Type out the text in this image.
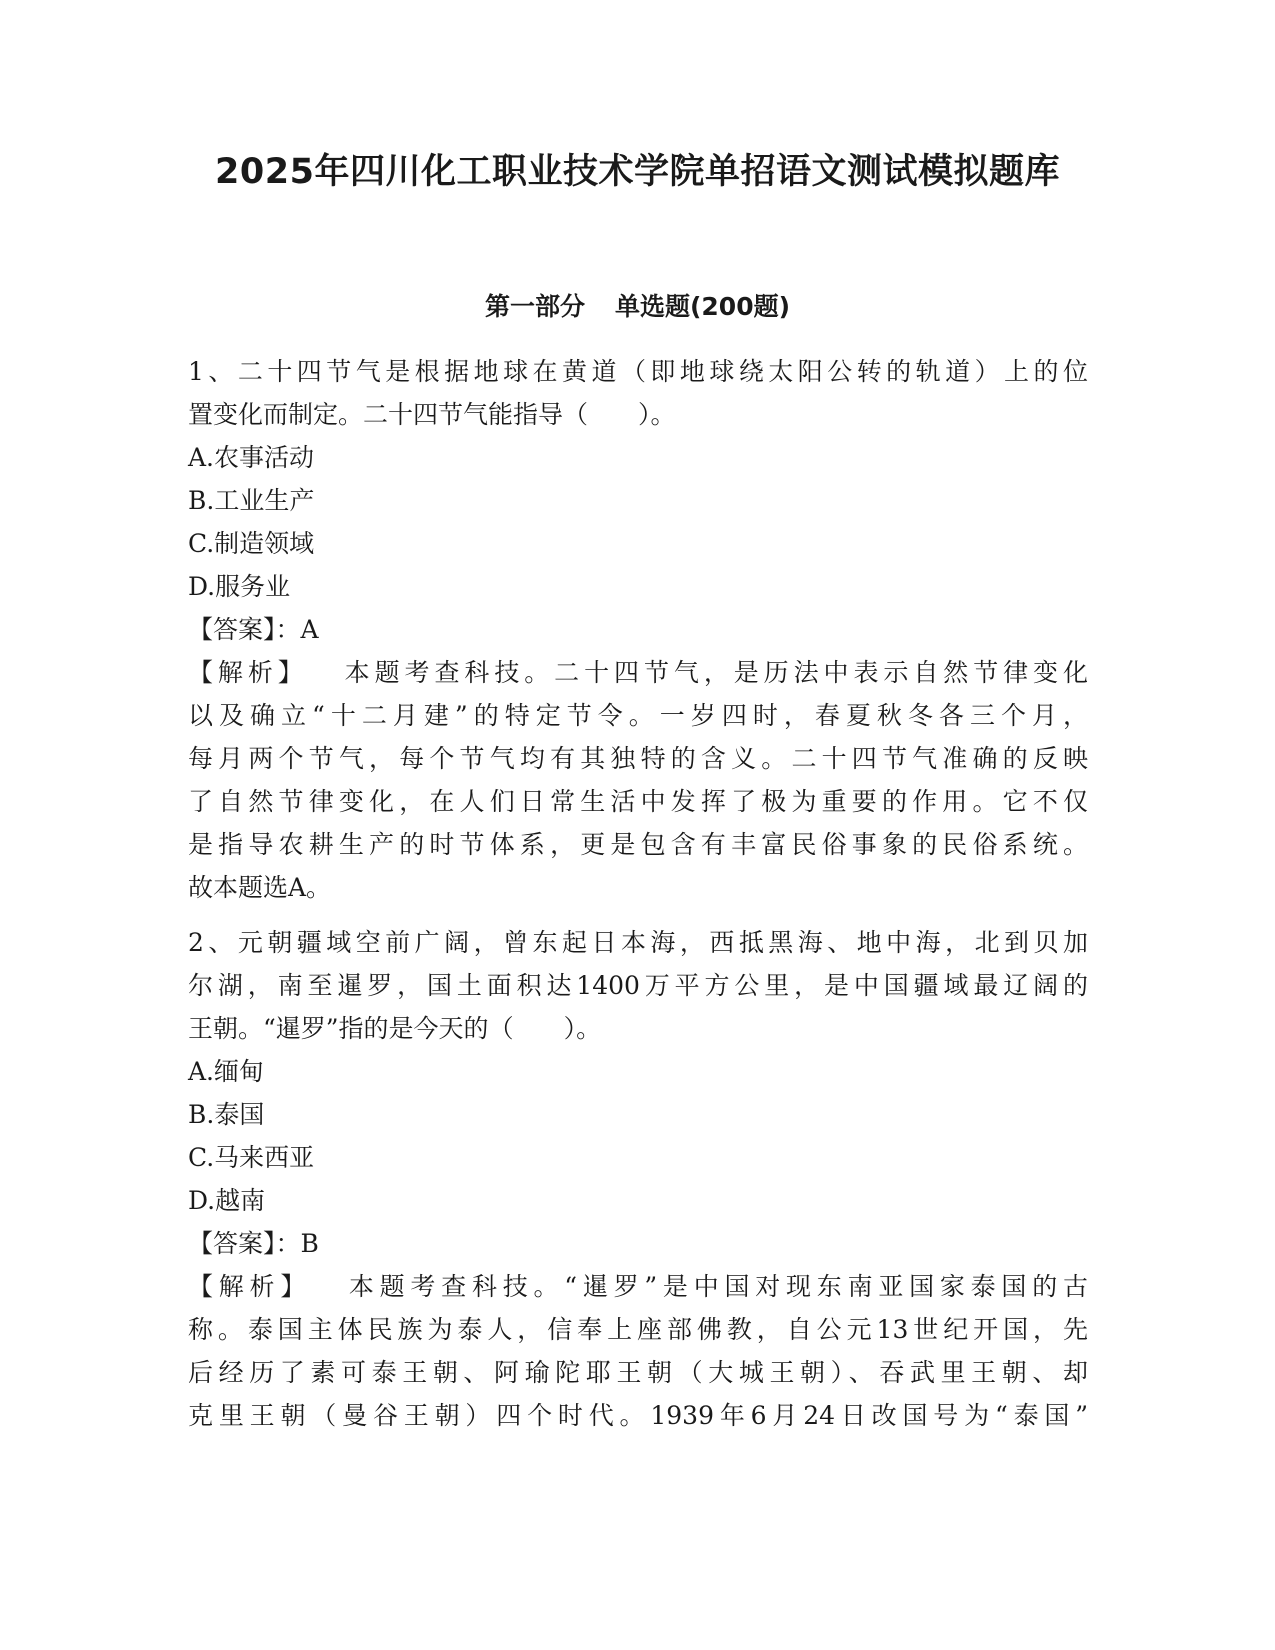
2025年四川化工职业技术学院单招语文测试模拟题库
第一部分 单选题(200题)
1、二十四节气是根据地球在黄道（即地球绕太阳公转的轨道）上的位
置变化而制定。二十四节气能指导（　　）。
A.农事活动
B.工业生产
C.制造领域
D.服务业
【答案】：A
【解析】 本题考查科技。二十四节气，是历法中表示自然节律变化
以及确立“十二月建”的特定节令。一岁四时，春夏秋冬各三个月，
每月两个节气，每个节气均有其独特的含义。二十四节气准确的反映
了自然节律变化，在人们日常生活中发挥了极为重要的作用。它不仅
是指导农耕生产的时节体系，更是包含有丰富民俗事象的民俗系统。
故本题选A。
2、元朝疆域空前广阔，曾东起日本海，西抵黑海、地中海，北到贝加
尔湖，南至暹罗，国土面积达1400万平方公里，是中国疆域最辽阔的
王朝。“暹罗”指的是今天的（　　）。
A.缅甸
B.泰国
C.马来西亚
D.越南
【答案】：B
【解析】 本题考查科技。“暹罗”是中国对现东南亚国家泰国的古
称。泰国主体民族为泰人，信奉上座部佛教，自公元13世纪开国，先
后经历了素可泰王朝、阿瑜陀耶王朝（大城王朝）、吞武里王朝、却
克里王朝（曼谷王朝）四个时代。1939年6月24日改国号为“泰国”
